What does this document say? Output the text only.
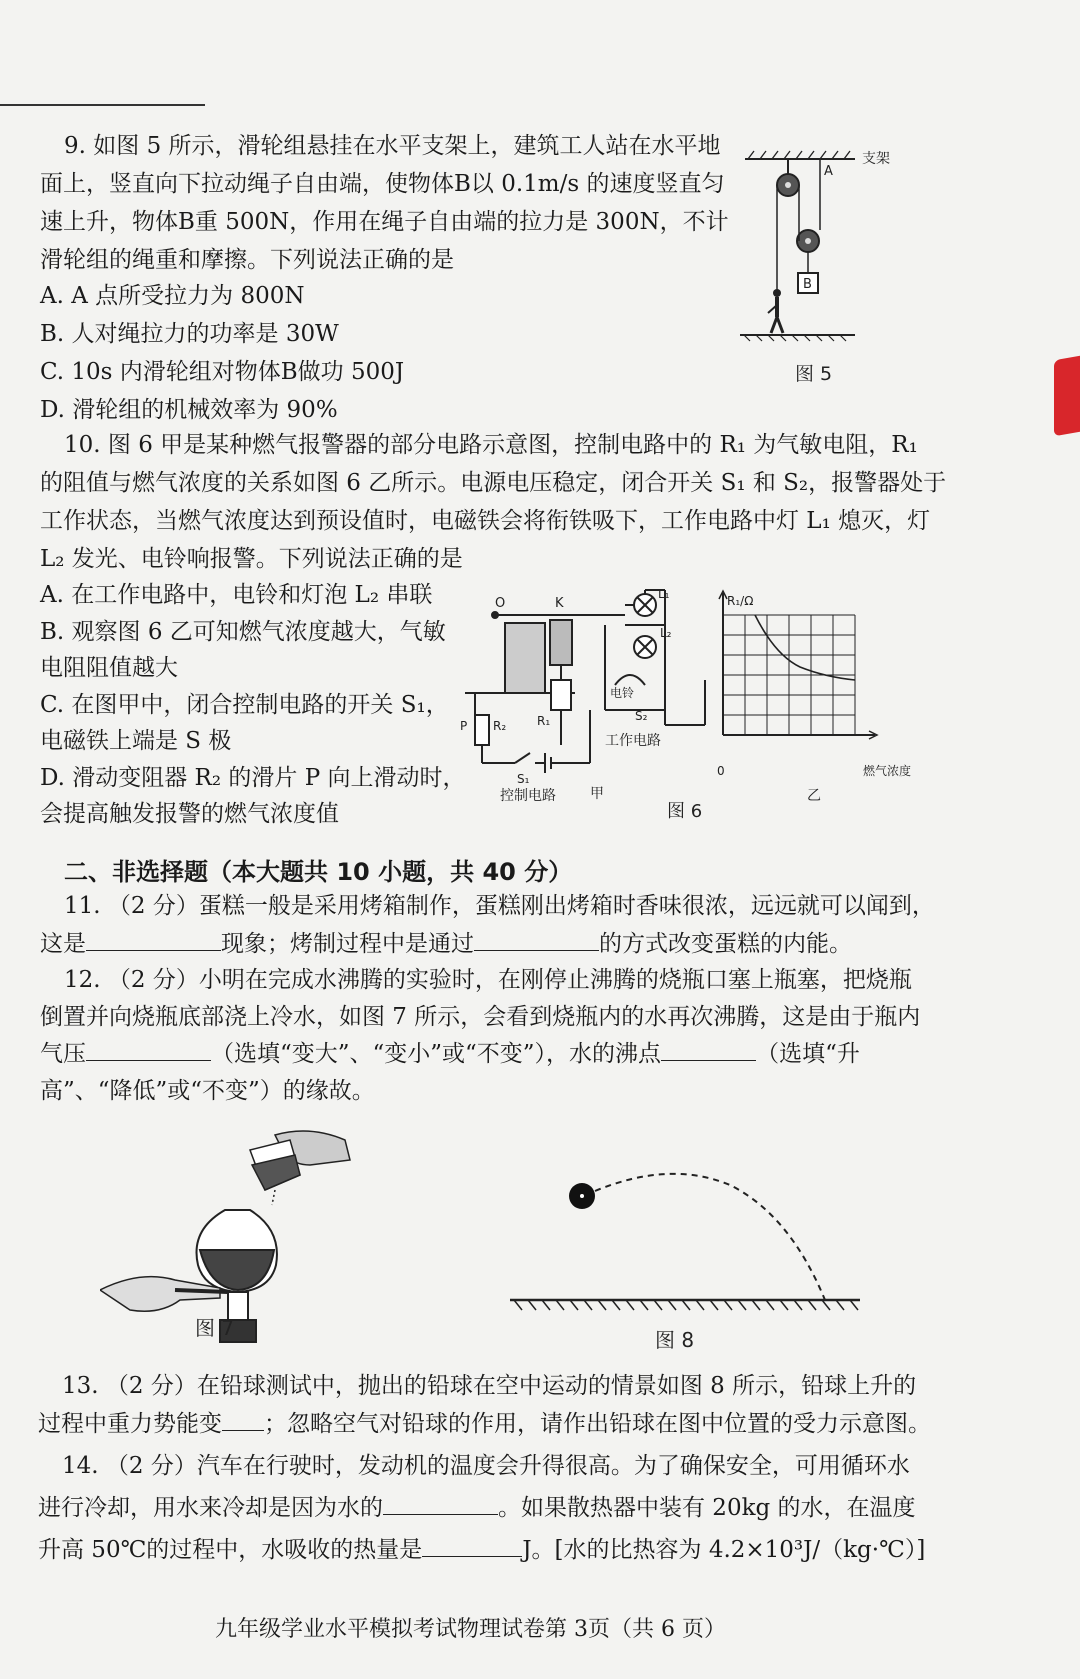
9. 如图 5 所示，滑轮组悬挂在水平支架上，建筑工人站在水平地
面上，竖直向下拉动绳子自由端，使物体B以 0.1m/s 的速度竖直匀
速上升，物体B重 500N，作用在绳子自由端的拉力是 300N，不计
滑轮组的绳重和摩擦。下列说法正确的是
A. A 点所受拉力为 800N
B. 人对绳拉力的功率是 30W
C. 10s 内滑轮组对物体B做功 500J
D. 滑轮组的机械效率为 90%
支架
A
B
图 5
10. 图 6 甲是某种燃气报警器的部分电路示意图，控制电路中的 R₁ 为气敏电阻，R₁
的阻值与燃气浓度的关系如图 6 乙所示。电源电压稳定，闭合开关 S₁ 和 S₂，报警器处于
工作状态，当燃气浓度达到预设值时，电磁铁会将衔铁吸下，工作电路中灯 L₁ 熄灭，灯
L₂ 发光、电铃响报警。下列说法正确的是
A. 在工作电路中，电铃和灯泡 L₂ 串联
B. 观察图 6 乙可知燃气浓度越大，气敏
电阻阻值越大
C. 在图甲中，闭合控制电路的开关 S₁，
电磁铁上端是 S 极
D. 滑动变阻器 R₂ 的滑片 P 向上滑动时，
会提高触发报警的燃气浓度值
O	K
L₁
L₂
电铃
R₁
R₂
P
S₁
S₂
工作电路
控制电路 甲
R₁/Ω
燃气浓度
0
乙
图 6
二、非选择题（本大题共 10 小题，共 40 分）
11. （2 分）蛋糕一般是采用烤箱制作，蛋糕刚出烤箱时香味很浓，远远就可以闻到，
这是	现象；烤制过程中是通过	的方式改变蛋糕的内能。
12. （2 分）小明在完成水沸腾的实验时，在刚停止沸腾的烧瓶口塞上瓶塞，把烧瓶
倒置并向烧瓶底部浇上冷水，如图 7 所示，会看到烧瓶内的水再次沸腾，这是由于瓶内
气压	（选填“变大”、“变小”或“不变”），水的沸点	（选填“升
高”、“降低”或“不变”）的缘故。
图 7	图 8
13. （2 分）在铅球测试中，抛出的铅球在空中运动的情景如图 8 所示，铅球上升的
过程中重力势能变 ；忽略空气对铅球的作用，请作出铅球在图中位置的受力示意图。
14. （2 分）汽车在行驶时，发动机的温度会升得很高。为了确保安全，可用循环水
进行冷却，用水来冷却是因为水的	。如果散热器中装有 20kg 的水，在温度
升高 50℃的过程中，水吸收的热量是	J。[水的比热容为 4.2×10³J/（kg·℃）]
九年级学业水平模拟考试物理试卷第 3页（共 6 页）
